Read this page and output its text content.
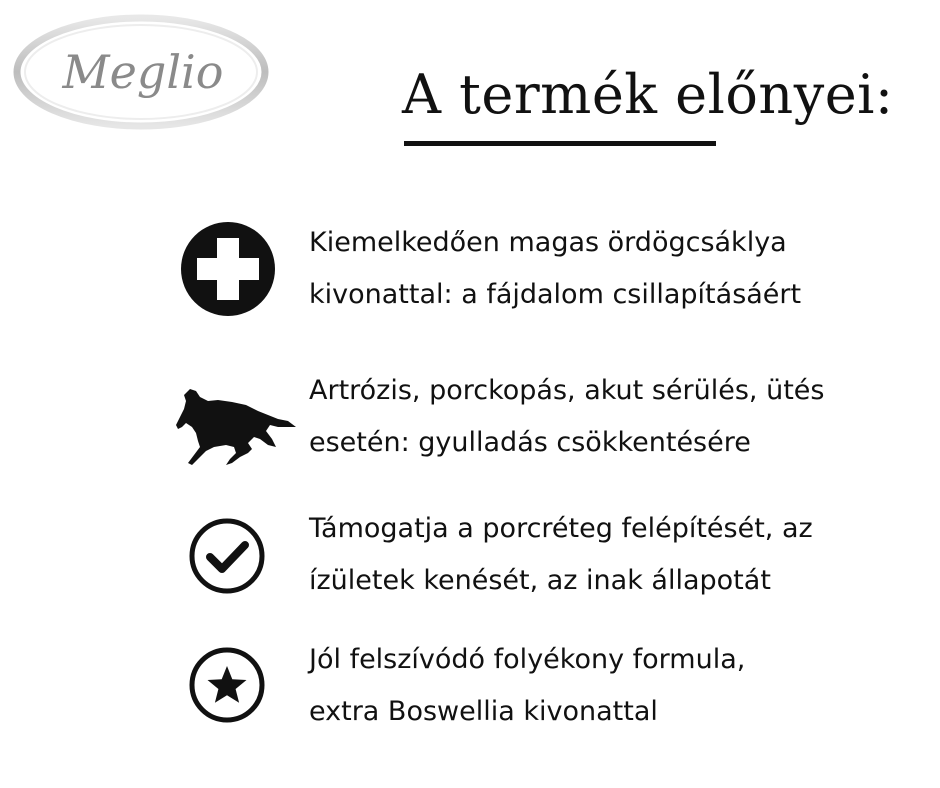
Meglio	A termék előnyei:
Kiemelkedően magas ördögcsáklya
kivonattal: a fájdalom csillapításáért
Artrózis, porckopás, akut sérülés, ütés
esetén: gyulladás csökkentésére
Támogatja a porcréteg felépítését, az
ízületek kenését, az inak állapotát
Jól felszívódó folyékony formula,
extra Boswellia kivonattal
